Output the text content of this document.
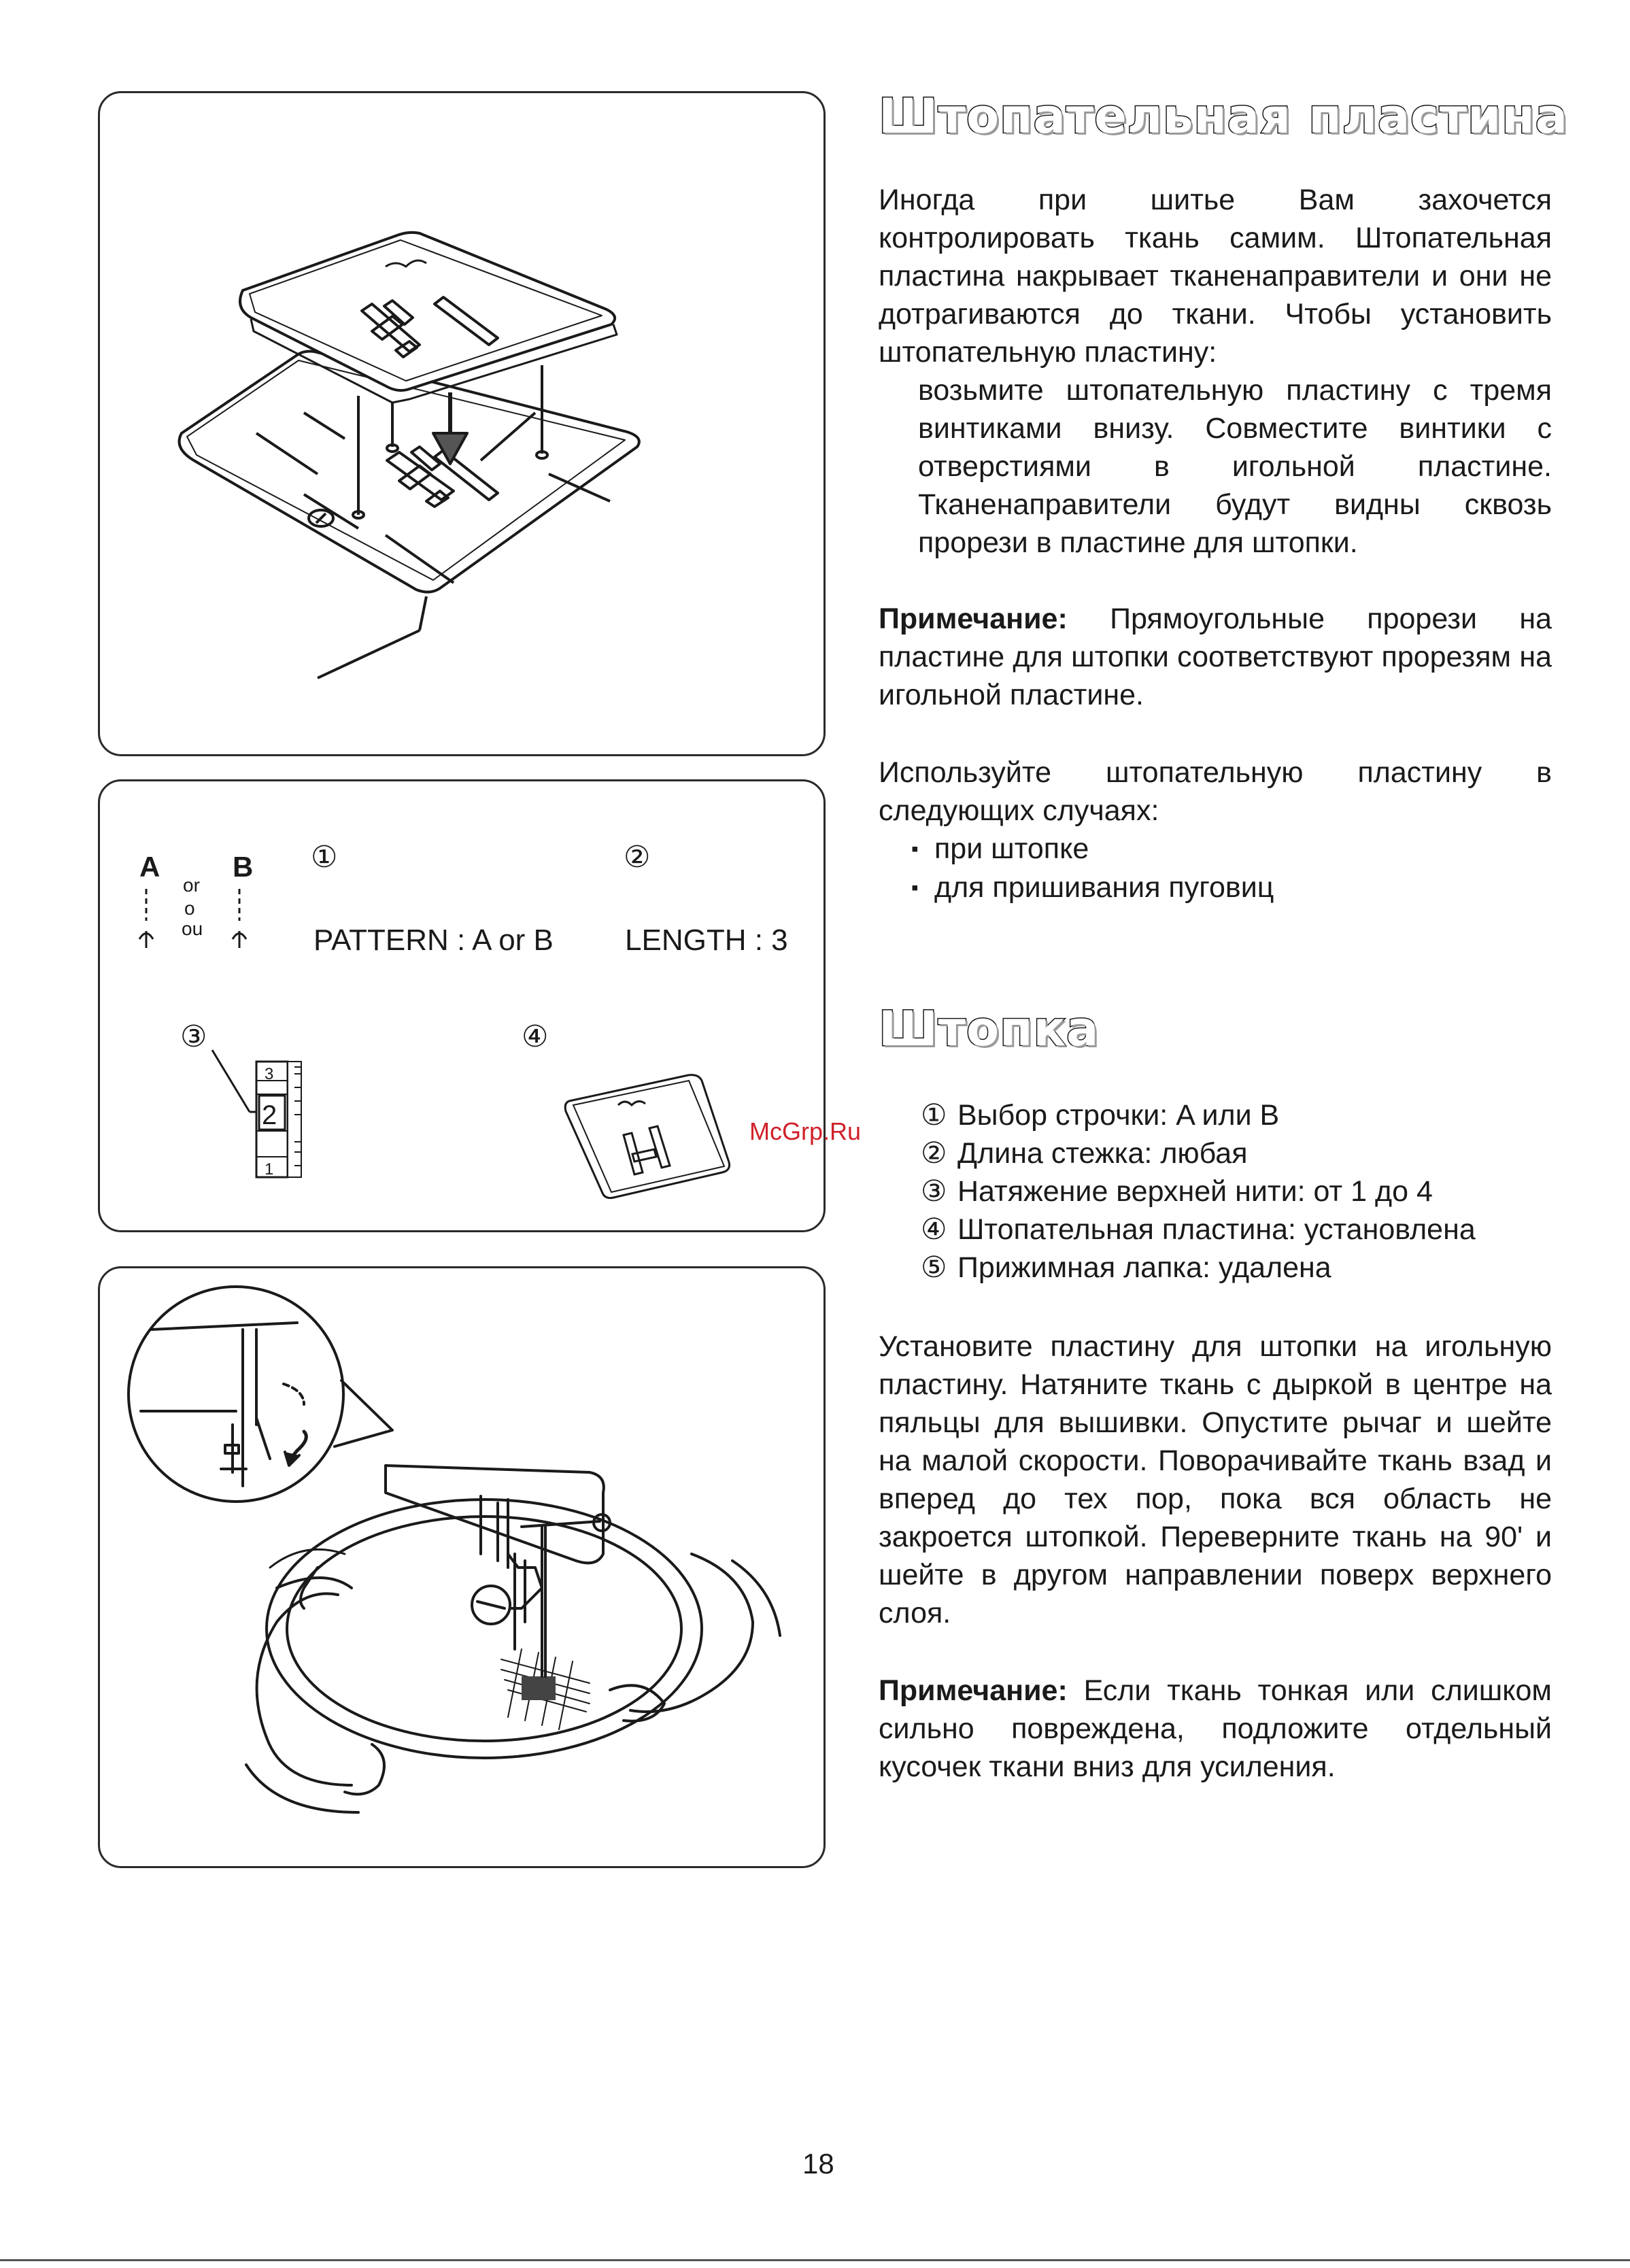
A	B
or
o
ou
①	②
PATTERN : A or B LENGTH : 3
③	④
3
2
1
Штопательная пластина

Иногда при шитье Вам захочется контролировать ткань самим. Штопательная пластина накрывает тканенаправители и они не дотрагиваются до ткани. Чтобы установить штопательную пластину:

возьмите штопательную пластину с тремя винтиками внизу. Совместите винтики с отверстиями в игольной пластине. Тканенаправители будут видны сквозь прорези в пластине для штопки.

Примечание: Прямоугольные прорези на пластине для штопки соответствуют прорезям на игольной пластине.

Используйте штопательную пластину в следующих случаях:

▪ при штопке

▪ для пришивания пуговиц

Штопка

① Выбор строчки: A или B

② Длина стежка: любая

③ Натяжение верхней нити: от 1 до 4

④ Штопательная пластина: установлена

⑤ Прижимная лапка: удалена

Установите пластину для штопки на игольную пластину. Натяните ткань с дыркой в центре на пяльцы для вышивки. Опустите рычаг и шейте на малой скорости. Поворачивайте ткань взад и вперед до тех пор, пока вся область не закроется штопкой. Переверните ткань на 90' и шейте в другом направлении поверх верхнего слоя.

Примечание: Если ткань тонкая или слишком сильно повреждена, подложите отдельный кусочек ткани вниз для усиления.

McGrp.Ru
18
